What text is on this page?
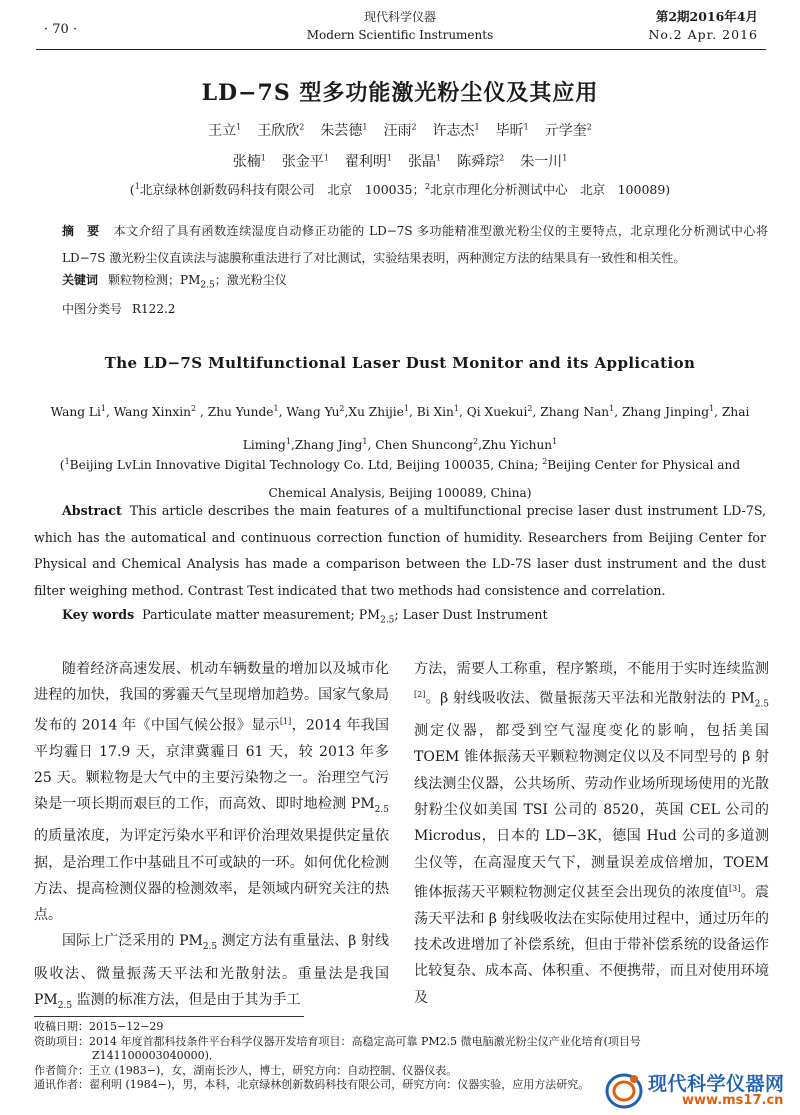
· 70 ·
现代科学仪器
Modern Scientific Instruments
第2期2016年4月
No.2 Apr. 2016
LD−7S 型多功能激光粉尘仪及其应用
王立$^1$ 王欣欣$^2$ 朱芸德$^1$ 汪雨$^2$ 许志杰$^1$ 毕昕$^1$ 亓学奎$^2$
张楠$^1$ 张金平$^1$ 翟利明$^1$ 张晶$^1$ 陈舜琮$^2$ 朱一川$^1$
($^1$北京绿林创新数码科技有限公司　北京　100035；$^2$北京市理化分析测试中心　北京　100089)
摘　要 本文介绍了具有函数连续湿度自动修正功能的 LD−7S 多功能精准型激光粉尘仪的主要特点，北京理化分析测试中心将 LD−7S 激光粉尘仪直读法与滤膜称重法进行了对比测试，实验结果表明，两种测定方法的结果具有一致性和相关性。
关键词 颗粒物检测；$PM_{2.5}$；激光粉尘仪
中图分类号 R122.2
The LD−7S Multifunctional Laser Dust Monitor and its Application
Wang Li$^1$, Wang Xinxin$^2$ , Zhu Yunde$^1$, Wang Yu$^2$,Xu Zhijie$^1$, Bi Xin$^1$, Qi Xuekui$^2$, Zhang Nan$^1$, Zhang Jinping$^1$, Zhai Liming$^1$,Zhang Jing$^1$, Chen Shuncong$^2$,Zhu Yichun$^1$
($^1$Beijing LvLin Innovative Digital Technology Co. Ltd, Beijing 100035, China; $^2$Beijing Center for Physical and Chemical Analysis, Beijing 100089, China)
Abstract This article describes the main features of a multifunctional precise laser dust instrument LD-7S, which has the automatical and continuous correction function of humidity. Researchers from Beijing Center for Physical and Chemical Analysis has made a comparison between the LD-7S laser dust instrument and the dust filter weighing method. Contrast Test indicated that two methods had consistence and correlation.
Key words Particulate matter measurement; $PM_{2.5}$; Laser Dust Instrument

随着经济高速发展、机动车辆数量的增加以及城市化进程的加快，我国的雾霾天气呈现增加趋势。国家气象局发布的 2014 年《中国气候公报》显示[1]，2014 年我国平均霾日 17.9 天，京津冀霾日 61 天，较 2013 年多 25 天。颗粒物是大气中的主要污染物之一。治理空气污染是一项长期而艰巨的工作，而高效、即时地检测 $PM_{2.5}$ 的质量浓度，为评定污染水平和评价治理效果提供定量依据，是治理工作中基础且不可或缺的一环。如何优化检测方法、提高检测仪器的检测效率，是领域内研究关注的热点。

国际上广泛采用的 $PM_{2.5}$ 测定方法有重量法、β 射线吸收法、微量振荡天平法和光散射法。重量法是我国 $PM_{2.5}$ 监测的标准方法，但是由于其为手工

方法，需要人工称重，程序繁琐，不能用于实时连续监测[2]。β 射线吸收法、微量振荡天平法和光散射法的 $PM_{2.5}$ 测定仪器，都受到空气湿度变化的影响，包括美国 TOEM 锥体振荡天平颗粒物测定仪以及不同型号的 β 射线法测尘仪器，公共场所、劳动作业场所现场使用的光散射粉尘仪如美国 TSI 公司的 8520，英国 CEL 公司的 Microdus，日本的 LD−3K，德国 Hud 公司的多道测尘仪等，在高湿度天气下，测量误差成倍增加，TOEM 锥体振荡天平颗粒物测定仪甚至会出现负的浓度值[3]。震荡天平法和 β 射线吸收法在实际使用过程中，通过历年的技术改进增加了补偿系统，但由于带补偿系统的设备运作比较复杂、成本高、体积重、不便携带，而且对使用环境及

收稿日期：2015−12−29
资助项目：2014 年度首都科技条件平台科学仪器开发培育项目：高稳定高可靠 PM2.5 微电脑激光粉尘仪产业化培育(项目号
Z141100003040000)．
作者简介：王立 (1983−)，女，湖南长沙人，博士，研究方向：自动控制、仪器仪表。
通讯作者：翟利明 (1984−)，男，本科，北京绿林创新数码科技有限公司，研究方向：仪器实验，应用方法研究。	现代科学仪器网
www.ms17.cn
